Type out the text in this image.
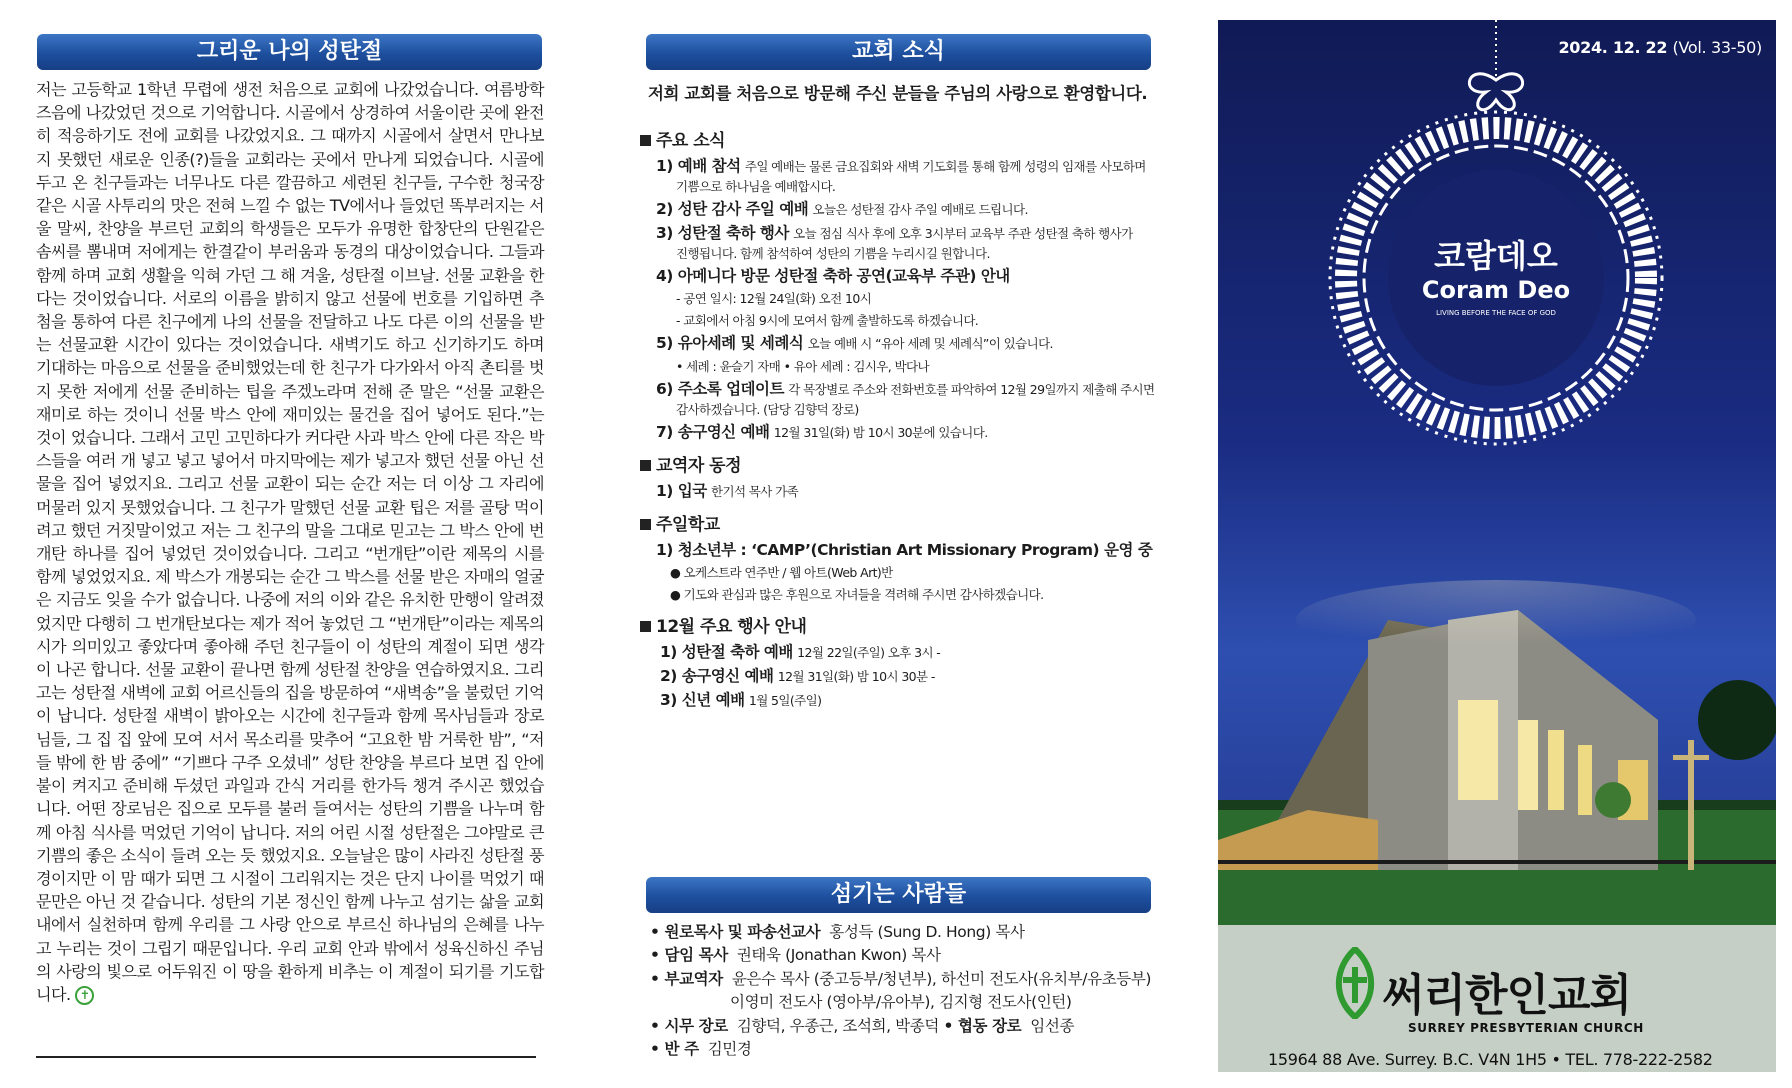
그리운 나의 성탄절
저는 고등학교 1학년 무렵에 생전 처음으로 교회에 나갔었습니다. 여름방학 즈음에 나갔었던 것으로 기억합니다. 시골에서 상경하여 서울이란 곳에 완전히 적응하기도 전에 교회를 나갔었지요. 그 때까지 시골에서 살면서 만나보지 못했던 새로운 인종(?)들을 교회라는 곳에서 만나게 되었습니다. 시골에 두고 온 친구들과는 너무나도 다른 깔끔하고 세련된 친구들, 구수한 청국장 같은 시골 사투리의 맛은 전혀 느낄 수 없는 TV에서나 들었던 똑부러지는 서울 말씨, 찬양을 부르던 교회의 학생들은 모두가 유명한 합창단의 단원같은 솜씨를 뽐내며 저에게는 한결같이 부러움과 동경의 대상이었습니다. 그들과 함께 하며 교회 생활을 익혀 가던 그 해 겨울, 성탄절 이브날. 선물 교환을 한다는 것이었습니다. 서로의 이름을 밝히지 않고 선물에 번호를 기입하면 추첨을 통하여 다른 친구에게 나의 선물을 전달하고 나도 다른 이의 선물을 받는 선물교환 시간이 있다는 것이었습니다. 새벽기도 하고 신기하기도 하며 기대하는 마음으로 선물을 준비했었는데 한 친구가 다가와서 아직 촌티를 벗지 못한 저에게 선물 준비하는 팁을 주겠노라며 전해 준 말은 “선물 교환은 재미로 하는 것이니 선물 박스 안에 재미있는 물건을 집어 넣어도 된다.”는 것이 었습니다. 그래서 고민 고민하다가 커다란 사과 박스 안에 다른 작은 박스들을 여러 개 넣고 넣고 넣어서 마지막에는 제가 넣고자 했던 선물 아닌 선물을 집어 넣었지요. 그리고 선물 교환이 되는 순간 저는 더 이상 그 자리에 머물러 있지 못했었습니다. 그 친구가 말했던 선물 교환 팁은 저를 골탕 먹이려고 했던 거짓말이었고 저는 그 친구의 말을 그대로 믿고는 그 박스 안에 번개탄 하나를 집어 넣었던 것이었습니다. 그리고 “번개탄”이란 제목의 시를 함께 넣었었지요. 제 박스가 개봉되는 순간 그 박스를 선물 받은 자매의 얼굴은 지금도 잊을 수가 없습니다. 나중에 저의 이와 같은 유치한 만행이 알려졌었지만 다행히 그 번개탄보다는 제가 적어 놓었던 그 “번개탄”이라는 제목의 시가 의미있고 좋았다며 좋아해 주던 친구들이 이 성탄의 계절이 되면 생각이 나곤 합니다. 선물 교환이 끝나면 함께 성탄절 찬양을 연습하였지요. 그리고는 성탄절 새벽에 교회 어르신들의 집을 방문하여 “새벽송”을 불렀던 기억이 납니다. 성탄절 새벽이 밝아오는 시간에 친구들과 함께 목사님들과 장로님들, 그 집 집 앞에 모여 서서 목소리를 맞추어 “고요한 밤 거룩한 밤”, “저 들 밖에 한 밤 중에” “기쁘다 구주 오셨네” 성탄 찬양을 부르다 보면 집 안에 불이 켜지고 준비해 두셨던 과일과 간식 거리를 한가득 챙겨 주시곤 했었습니다. 어떤 장로님은 집으로 모두를 불러 들여서는 성탄의 기쁨을 나누며 함께 아침 식사를 먹었던 기억이 납니다. 저의 어린 시절 성탄절은 그야말로 큰 기쁨의 좋은 소식이 들려 오는 듯 했었지요. 오늘날은 많이 사라진 성탄절 풍경이지만 이 맘 때가 되면 그 시절이 그리워지는 것은 단지 나이를 먹었기 때문만은 아닌 것 같습니다. 성탄의 기본 정신인 함께 나누고 섬기는 삶을 교회 내에서 실천하며 함께 우리를 그 사랑 안으로 부르신 하나님의 은혜를 나누고 누리는 것이 그립기 때문입니다. 우리 교회 안과 밖에서 성육신하신 주님의 사랑의 빛으로 어두워진 이 땅을 환하게 비추는 이 계절이 되기를 기도합니다. ✝
교회 소식
저희 교회를 처음으로 방문해 주신 분들을 주님의 사랑으로 환영합니다.
주요 소식
1) 예배 참석 주일 예배는 물론 금요집회와 새벽 기도회를 통해 함께 성령의 임재를 사모하며
기쁨으로 하나님을 예배합시다.
2) 성탄 감사 주일 예배 오늘은 성탄절 감사 주일 예배로 드립니다.
3) 성탄절 축하 행사 오늘 점심 식사 후에 오후 3시부터 교육부 주관 성탄절 축하 행사가
진행됩니다. 함께 참석하여 성탄의 기쁨을 누리시길 원합니다.
4) 아메니다 방문 성탄절 축하 공연(교육부 주관) 안내
- 공연 일시: 12월 24일(화) 오전 10시
- 교회에서 아침 9시에 모여서 함께 출발하도록 하겠습니다.
5) 유아세례 및 세례식 오늘 예배 시 “유아 세례 및 세례식”이 있습니다.
• 세례 : 윤슬기 자매 • 유아 세례 : 김시우, 박다나
6) 주소록 업데이트 각 목장별로 주소와 전화번호를 파악하여 12월 29일까지 제출해 주시면
감사하겠습니다. (담당 김향덕 장로)
7) 송구영신 예배 12월 31일(화) 밤 10시 30분에 있습니다.
교역자 동정
1) 입국 한기석 목사 가족
주일학교
1) 청소년부 : ‘CAMP’(Christian Art Missionary Program) 운영 중
● 오케스트라 연주반 / 웹 아트(Web Art)반
● 기도와 관심과 많은 후원으로 자녀들을 격려해 주시면 감사하겠습니다.
12월 주요 행사 안내
1) 성탄절 축하 예배 12월 22일(주일) 오후 3시 -
2) 송구영신 예배 12월 31일(화) 밤 10시 30분 -
3) 신년 예배 1월 5일(주일)
섬기는 사람들
• 원로목사 및 파송선교사 홍성득 (Sung D. Hong) 목사
• 담임 목사 권태욱 (Jonathan Kwon) 목사
• 부교역자 윤은수 목사 (중고등부/청년부), 하선미 전도사(유치부/유초등부)
이영미 전도사 (영아부/유아부), 김지형 전도사(인턴)
• 시무 장로 김향덕, 우종근, 조석희, 박종덕 • 협동 장로 임선종
• 반 주 김민경
2024. 12. 22 (Vol. 33-50)
코람데오
Coram Deo
LIVING BEFORE THE FACE OF GOD
써리한인교회
SURREY PRESBYTERIAN CHURCH
15964 88 Ave. Surrey. B.C. V4N 1H5 • TEL. 778-222-2582
